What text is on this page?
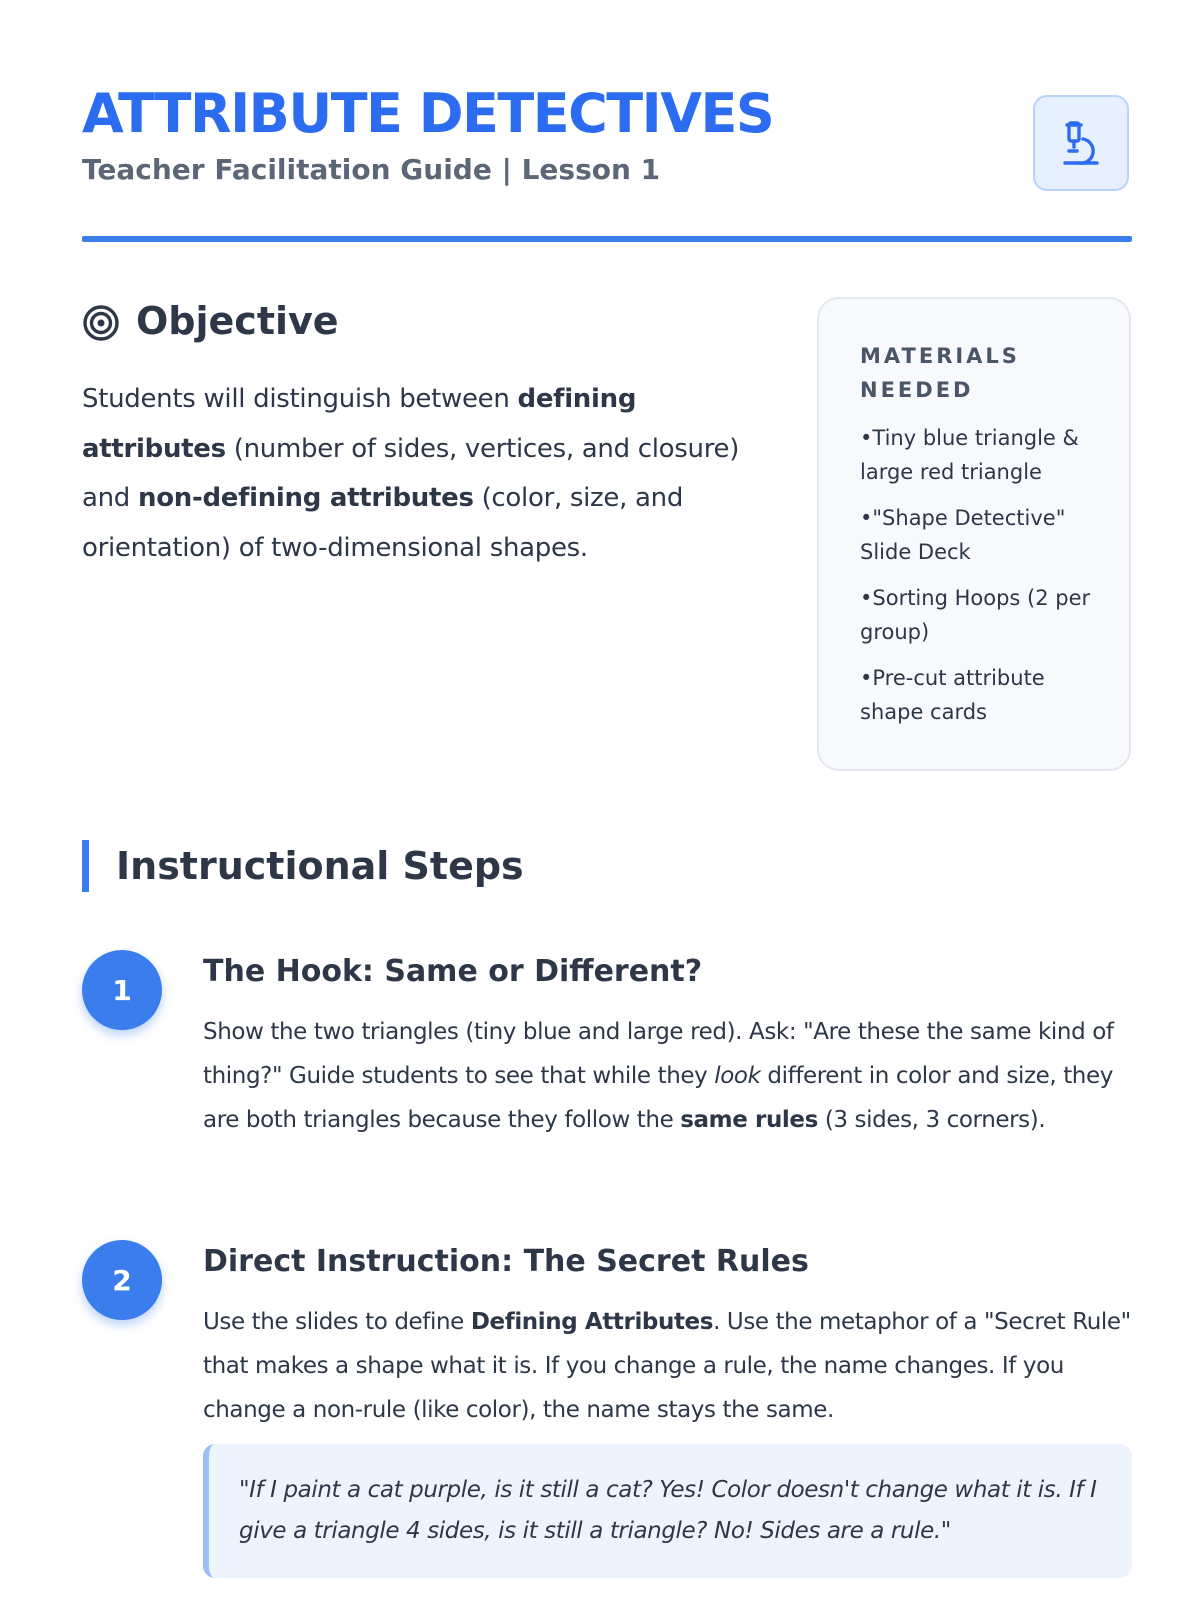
ATTRIBUTE DETECTIVES
Teacher Facilitation Guide | Lesson 1
Objective

Students will distinguish between defining attributes (number of sides, vertices, and closure) and non-defining attributes (color, size, and orientation) of two-dimensional shapes.

MATERIALS NEEDED
• Tiny blue triangle & large red triangle
• "Shape Detective" Slide Deck
• Sorting Hoops (2 per group)
• Pre-cut attribute shape cards
Instructional Steps
1
The Hook: Same or Different?

Show the two triangles (tiny blue and large red). Ask: "Are these the same kind of thing?" Guide students to see that while they look different in color and size, they are both triangles because they follow the same rules (3 sides, 3 corners).

2
Direct Instruction: The Secret Rules

Use the slides to define Defining Attributes. Use the metaphor of a "Secret Rule" that makes a shape what it is. If you change a rule, the name changes. If you change a non-rule (like color), the name stays the same.

"If I paint a cat purple, is it still a cat? Yes! Color doesn't change what it is. If I give a triangle 4 sides, is it still a triangle? No! Sides are a rule."
